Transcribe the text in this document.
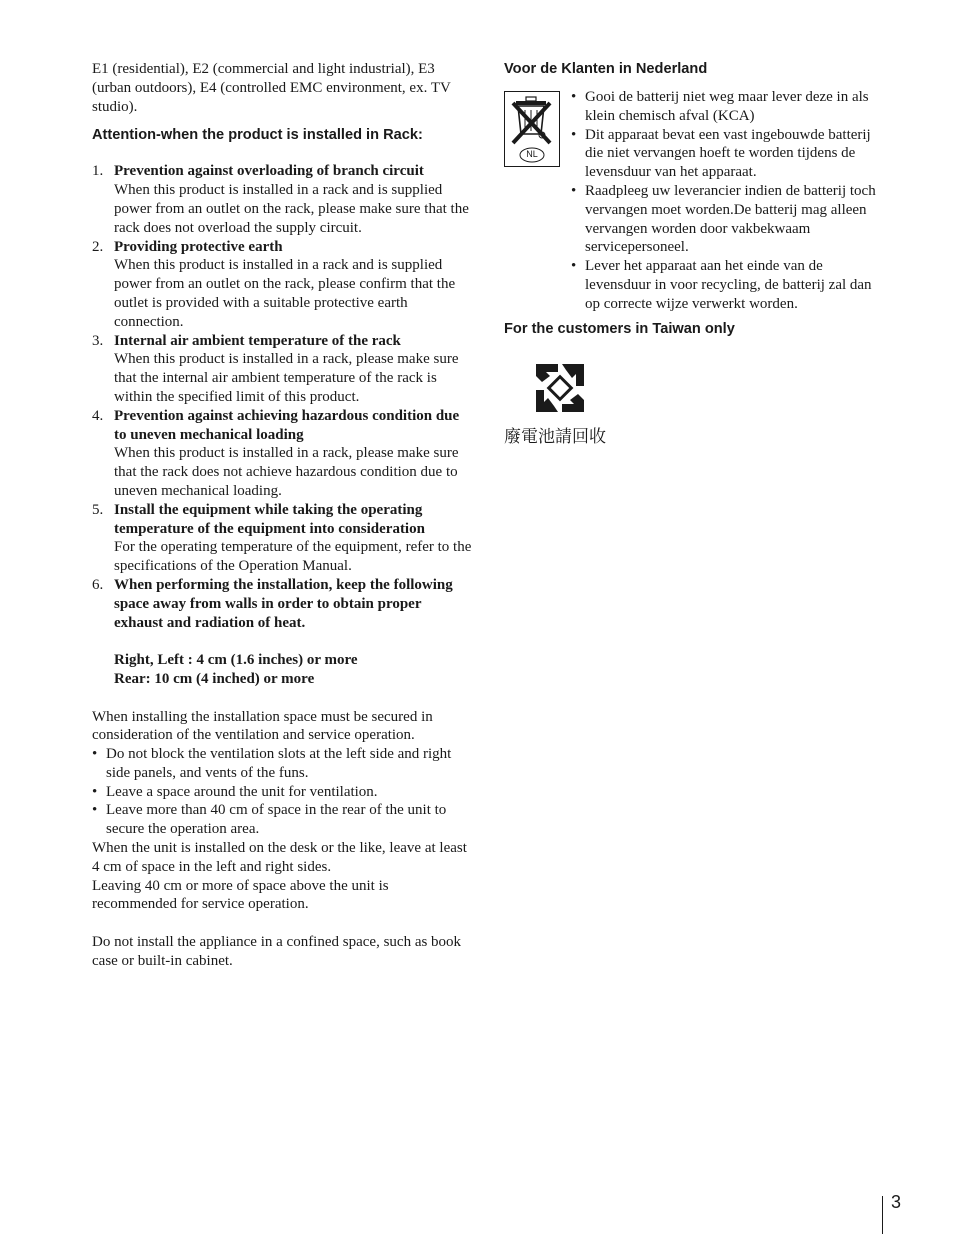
E1 (residential), E2 (commercial and light industrial), E3 (urban outdoors), E4 (controlled EMC environment, ex. TV studio).

Attention-when the product is installed in Rack:

1. Prevention against overloading of branch circuit
When this product is installed in a rack and is supplied power from an outlet on the rack, please make sure that the rack does not overload the supply circuit.
2. Providing protective earth
When this product is installed in a rack and is supplied power from an outlet on the rack, please confirm that the outlet is provided with a suitable protective earth connection.
3. Internal air ambient temperature of the rack
When this product is installed in a rack, please make sure that the internal air ambient temperature of the rack is within the specified limit of this product.
4. Prevention against achieving hazardous condition due to uneven mechanical loading
When this product is installed in a rack, please make sure that the rack does not achieve hazardous condition due to uneven mechanical loading.
5. Install the equipment while taking the operating temperature of the equipment into consideration
For the operating temperature of the equipment, refer to the specifications of the Operation Manual.
6. When performing the installation, keep the following space away from walls in order to obtain proper exhaust and radiation of heat.
Right, Left : 4 cm (1.6 inches) or more
Rear: 10 cm (4 inched) or more

When installing the installation space must be secured in consideration of the ventilation and service operation.

• Do not block the ventilation slots at the left side and right side panels, and vents of the funs.
• Leave a space around the unit for ventilation.
• Leave more than 40 cm of space in the rear of the unit to secure the operation area.

When the unit is installed on the desk or the like, leave at least 4 cm of space in the left and right sides.

Leaving 40 cm or more of space above the unit is recommended for service operation.

Do not install the appliance in a confined space, such as book case or built-in cabinet.

Voor de Klanten in Nederland

NL
• Gooi de batterij niet weg maar lever deze in als klein chemisch afval (KCA)
• Dit apparaat bevat een vast ingebouwde batterij die niet vervangen hoeft te worden tijdens de levensduur van het apparaat.
• Raadpleeg uw leverancier indien de batterij toch vervangen moet worden.De batterij mag alleen vervangen worden door vakbekwaam servicepersoneel.
• Lever het apparaat aan het einde van de levensduur in voor recycling, de batterij zal dan op correcte wijze verwerkt worden.

For the customers in Taiwan only

廢電池請回收

3
